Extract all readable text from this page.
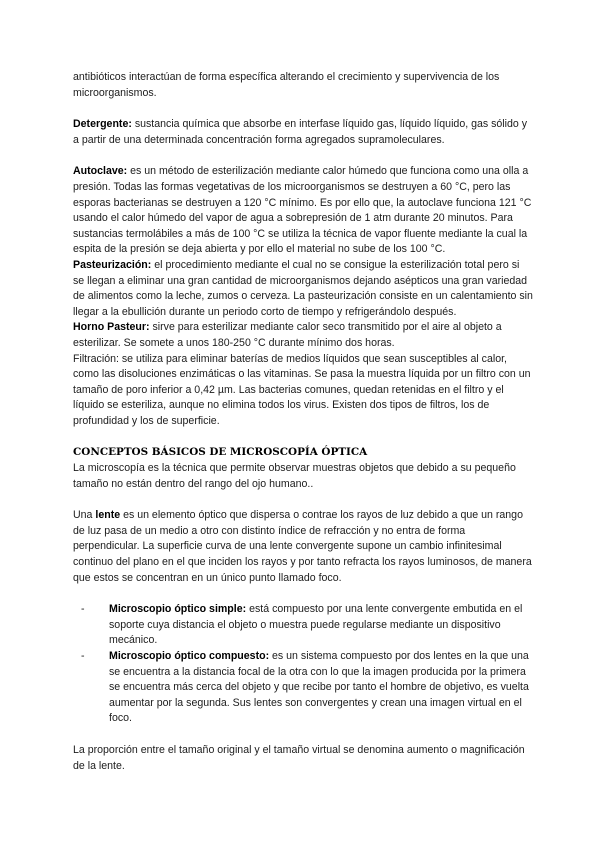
antibióticos interactúan de forma específica alterando el crecimiento y supervivencia de los microorganismos.

Detergente: sustancia química que absorbe en interfase líquido gas, líquido líquido, gas sólido y a partir de una determinada concentración forma agregados supramoleculares.

Autoclave: es un método de esterilización mediante calor húmedo que funciona como una olla a presión. Todas las formas vegetativas de los microorganismos se destruyen a 60 °C, pero las esporas bacterianas se destruyen a 120 °C mínimo. Es por ello que, la autoclave funciona 121 °C usando el calor húmedo del vapor de agua a sobrepresión de 1 atm durante 20 minutos. Para sustancias termolábiles a más de 100 °C se utiliza la técnica de vapor fluente mediante la cual la espita de la presión se deja abierta y por ello el material no sube de los 100 °C.

Pasteurización: el procedimiento mediante el cual no se consigue la esterilización total pero si se llegan a eliminar una gran cantidad de microorganismos dejando asépticos una gran variedad de alimentos como la leche, zumos o cerveza. La pasteurización consiste en un calentamiento sin llegar a la ebullición durante un periodo corto de tiempo y refrigerándolo después.

Horno Pasteur: sirve para esterilizar mediante calor seco transmitido por el aire al objeto a esterilizar. Se somete a unos 180-250 °C durante mínimo dos horas.

Filtración: se utiliza para eliminar baterías de medios líquidos que sean susceptibles al calor, como las disoluciones enzimáticas o las vitaminas. Se pasa la muestra líquida por un filtro con un tamaño de poro inferior a 0,42 µm. Las bacterias comunes, quedan retenidas en el filtro y el líquido se esteriliza, aunque no elimina todos los virus. Existen dos tipos de filtros, los de profundidad y los de superficie.

CONCEPTOS BÁSICOS DE MICROSCOPÍA ÓPTICA

La microscopía es la técnica que permite observar muestras objetos que debido a su pequeño tamaño no están dentro del rango del ojo humano..

Una lente es un elemento óptico que dispersa o contrae los rayos de luz debido a que un rango de luz pasa de un medio a otro con distinto índice de refracción y no entra de forma perpendicular. La superficie curva de una lente convergente supone un cambio infinitesimal continuo del plano en el que inciden los rayos y por tanto refracta los rayos luminosos, de manera que estos se concentran en un único punto llamado foco.

- Microscopio óptico simple: está compuesto por una lente convergente embutida en el soporte cuya distancia el objeto o muestra puede regularse mediante un dispositivo mecánico.
- Microscopio óptico compuesto: es un sistema compuesto por dos lentes en la que una se encuentra a la distancia focal de la otra con lo que la imagen producida por la primera se encuentra más cerca del objeto y que recibe por tanto el hombre de objetivo, es vuelta aumentar por la segunda. Sus lentes son convergentes y crean una imagen virtual en el foco.

La proporción entre el tamaño original y el tamaño virtual se denomina aumento o magnificación de la lente.
